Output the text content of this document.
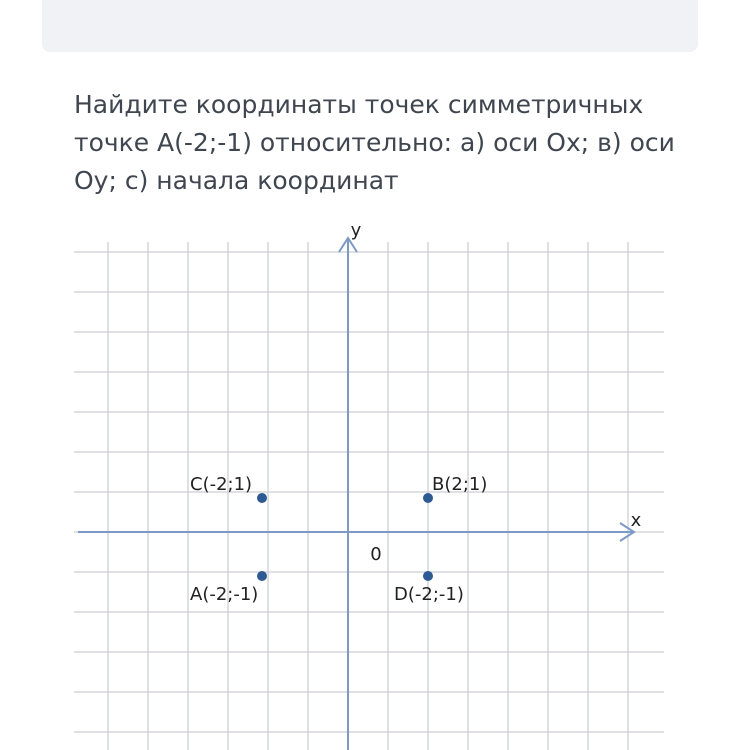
Найдите координаты точек симметричных точке A(-2;-1) относительно: а) оси Ох; в) оси Оу; с) начала координат

y
x
0
C(-2;1)	B(2;1)
A(-2;-1)	D(-2;-1)
